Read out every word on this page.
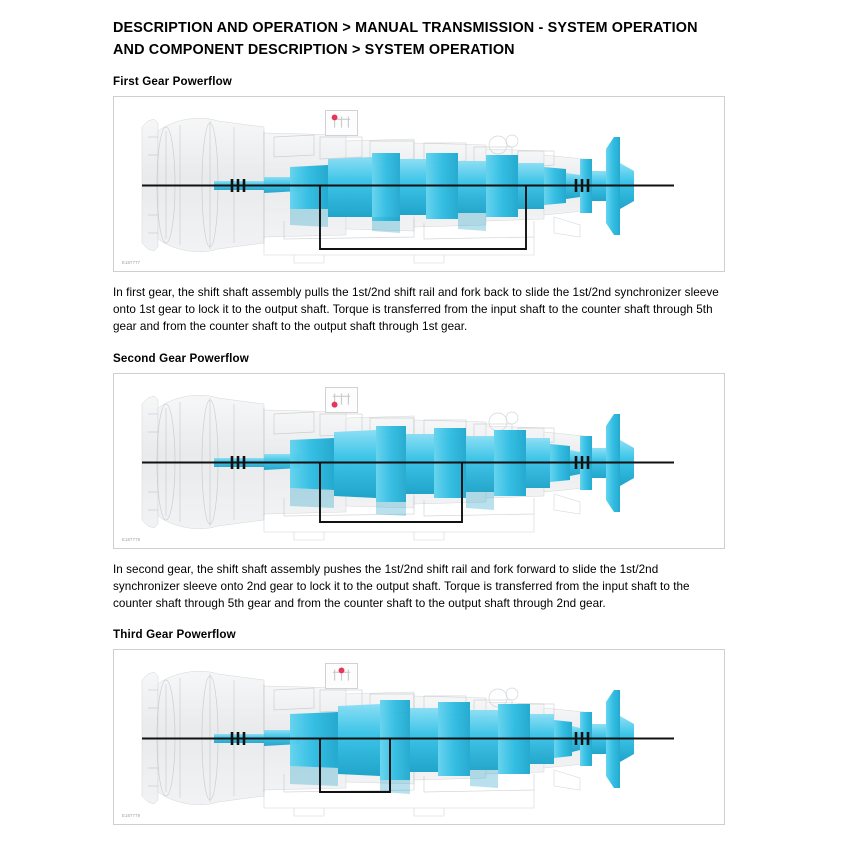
DESCRIPTION AND OPERATION > MANUAL TRANSMISSION - SYSTEM OPERATION AND COMPONENT DESCRIPTION > SYSTEM OPERATION
First Gear Powerflow
E187777

In first gear, the shift shaft assembly pulls the 1st/2nd shift rail and fork back to slide the 1st/2nd synchronizer sleeve onto 1st gear to lock it to the output shaft. Torque is transferred from the input shaft to the counter shaft through 5th gear and from the counter shaft to the output shaft through 1st gear.

Second Gear Powerflow
E187778

In second gear, the shift shaft assembly pushes the 1st/2nd shift rail and fork forward to slide the 1st/2nd synchronizer sleeve onto 2nd gear to lock it to the output shaft. Torque is transferred from the input shaft to the counter shaft through 5th gear and from the counter shaft to the output shaft through 2nd gear.

Third Gear Powerflow
E187779
